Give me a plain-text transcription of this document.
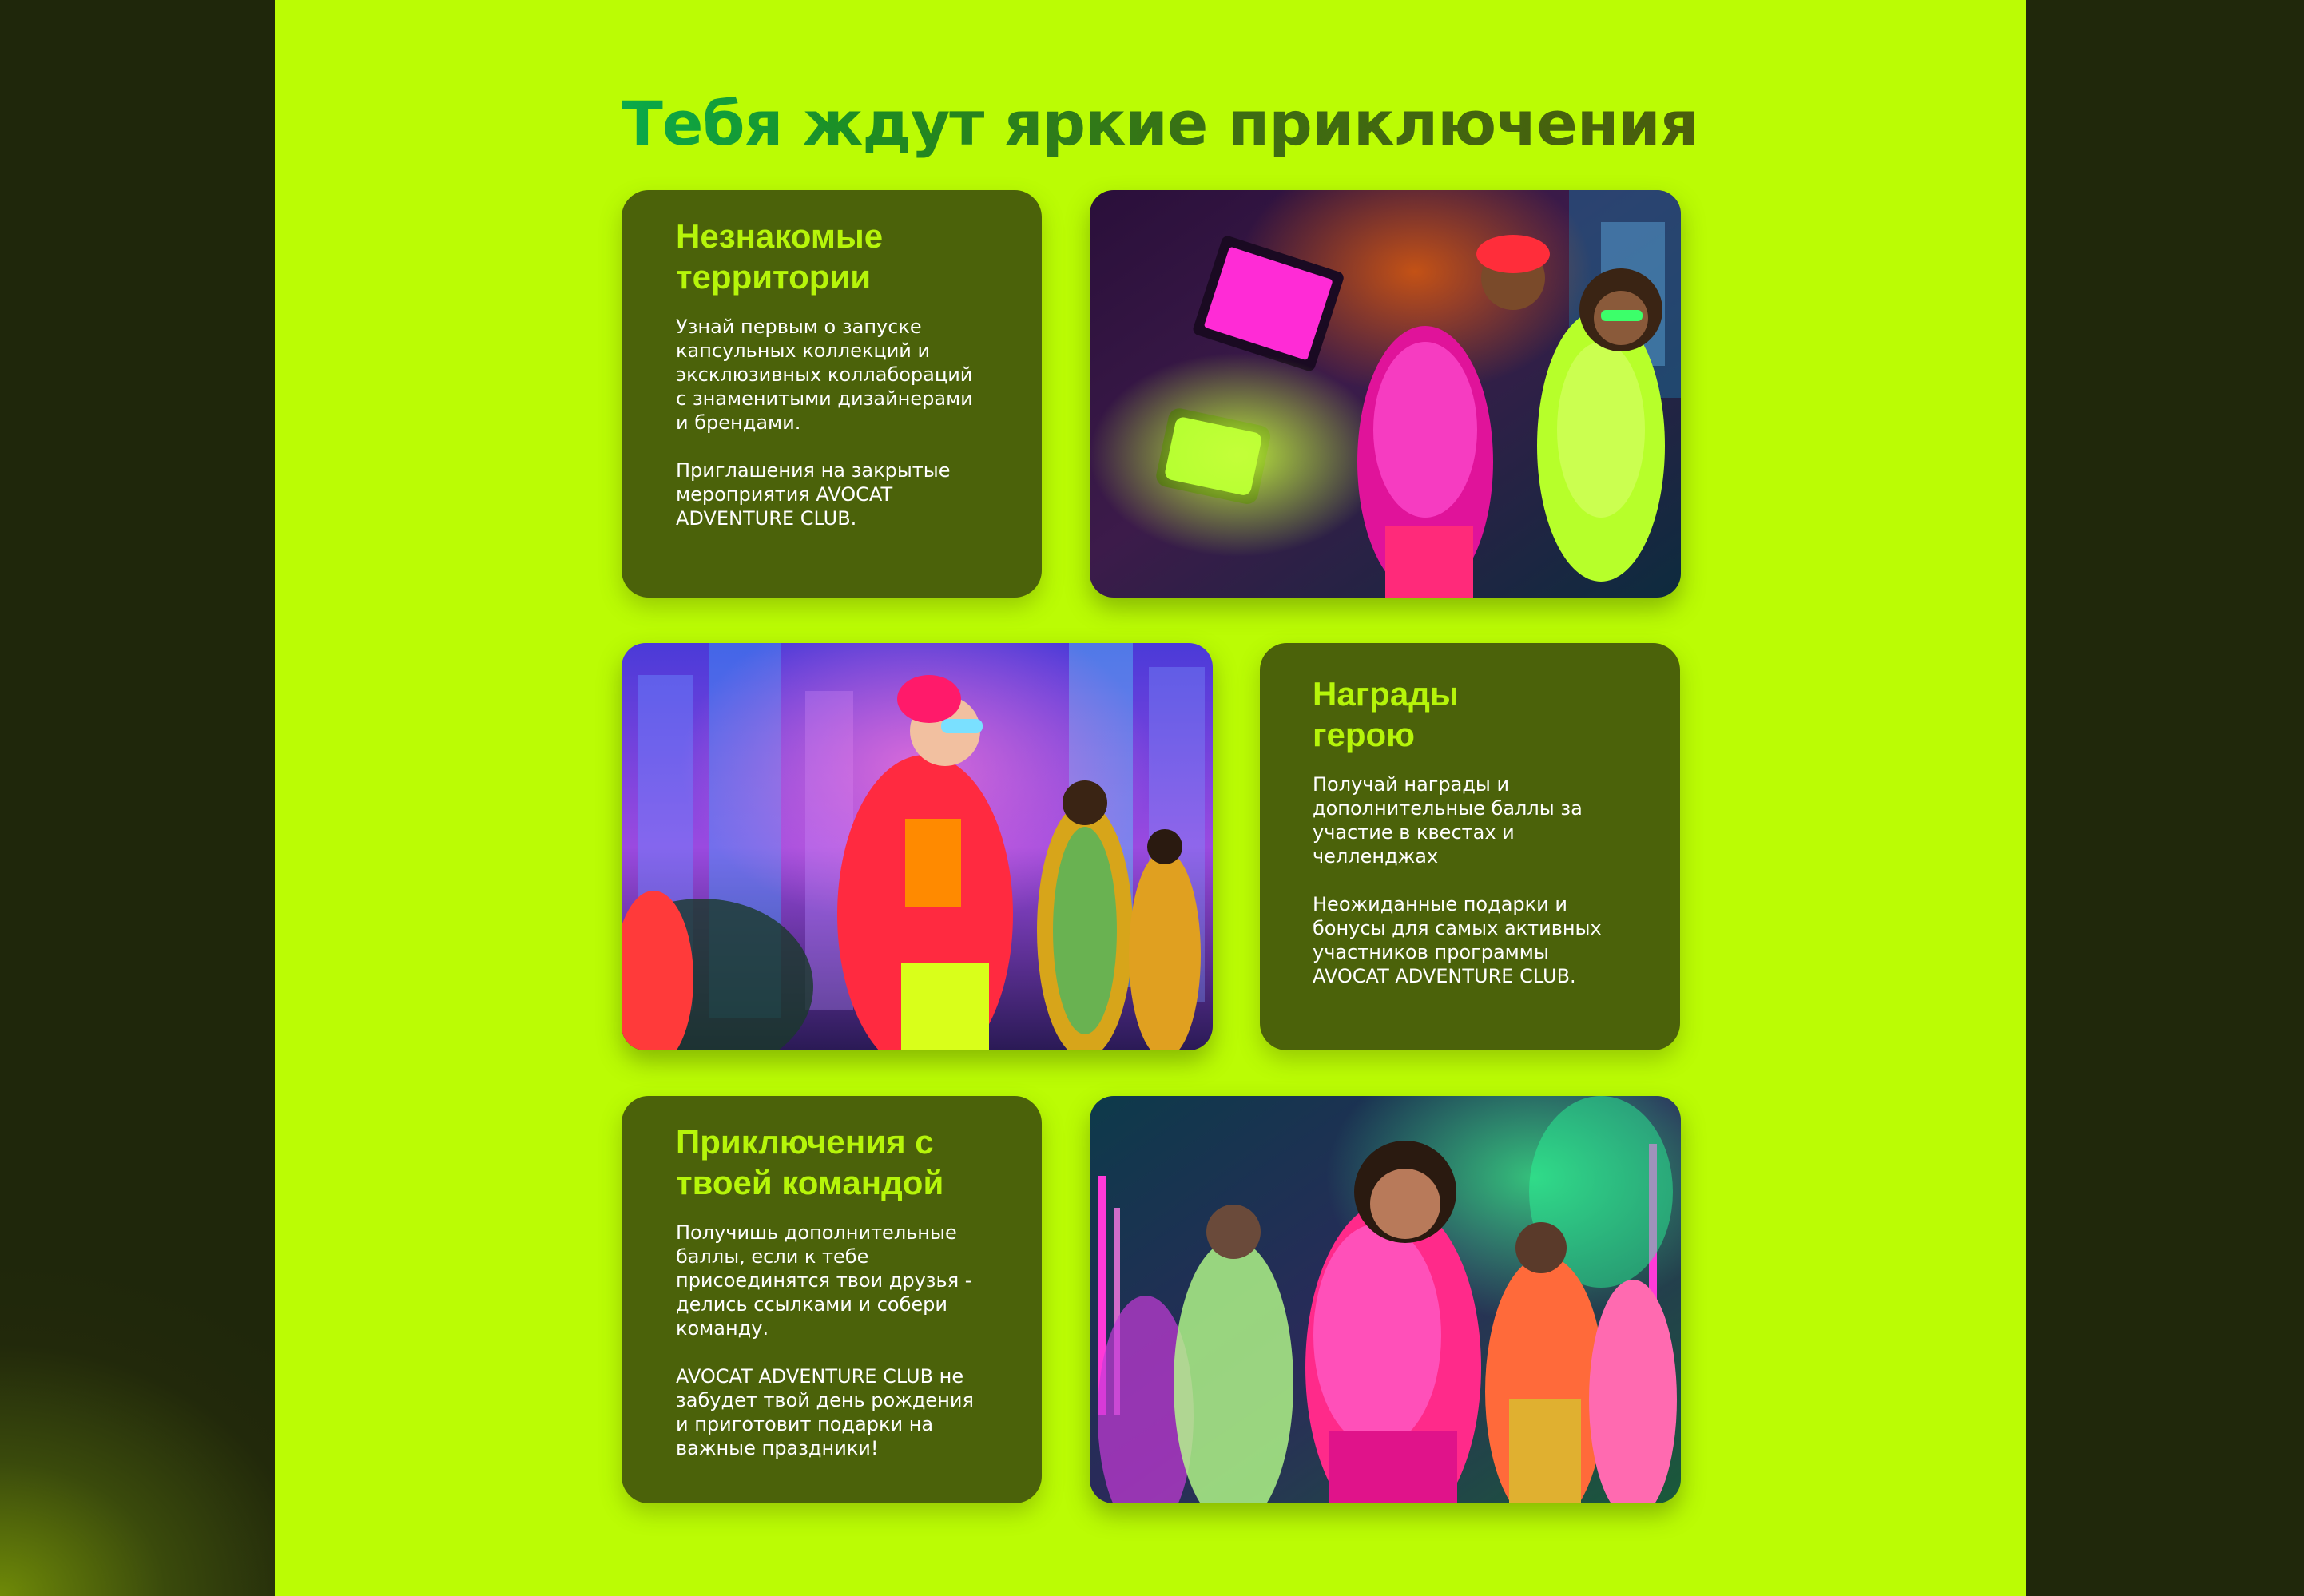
Тебя ждут яркие приключения
Незнакомые
территории

Узнай первым о запуске
капсульных коллекций и
эксклюзивных коллабораций
с знаменитыми дизайнерами
и брендами.

Приглашения на закрытые
мероприятия AVOCAT
ADVENTURE CLUB.

Награды
герою

Получай награды и
дополнительные баллы за
участие в квестах и
челленджах

Неожиданные подарки и
бонусы для самых активных
участников программы
AVOCAT ADVENTURE CLUB.

Приключения с
твоей командой

Получишь дополнительные
баллы, если к тебе
присоединятся твои друзья -
делись ссылками и собери
команду.

AVOCAT ADVENTURE CLUB не
забудет твой день рождения
и приготовит подарки на
важные праздники!
